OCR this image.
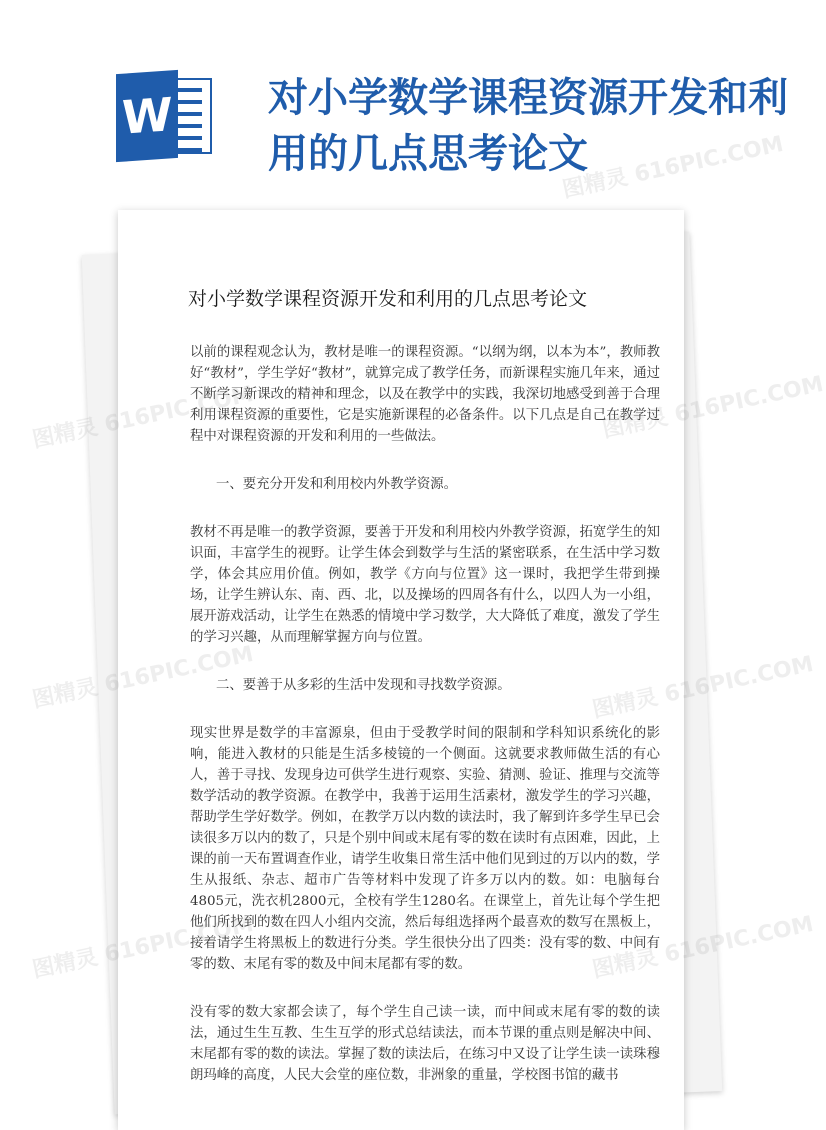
W 对小学数学课程资源开发和利用的几点思考论文
对小学数学课程资源开发和利用的几点思考论文

以前的课程观念认为，教材是唯一的课程资源。“以纲为纲，以本为本”，教师教好“教材”，学生学好“教材”，就算完成了教学任务，而新课程实施几年来，通过不断学习新课改的精神和理念，以及在教学中的实践，我深切地感受到善于合理利用课程资源的重要性，它是实施新课程的必备条件。以下几点是自己在教学过程中对课程资源的开发和利用的一些做法。

一、要充分开发和利用校内外教学资源。

教材不再是唯一的教学资源，要善于开发和利用校内外教学资源，拓宽学生的知识面，丰富学生的视野。让学生体会到数学与生活的紧密联系，在生活中学习数学，体会其应用价值。例如，教学《方向与位置》这一课时，我把学生带到操场，让学生辨认东、南、西、北，以及操场的四周各有什么，以四人为一小组，展开游戏活动，让学生在熟悉的情境中学习数学，大大降低了难度，激发了学生的学习兴趣，从而理解掌握方向与位置。

二、要善于从多彩的生活中发现和寻找数学资源。

现实世界是数学的丰富源泉，但由于受教学时间的限制和学科知识系统化的影响，能进入教材的只能是生活多棱镜的一个侧面。这就要求教师做生活的有心人，善于寻找、发现身边可供学生进行观察、实验、猜测、验证、推理与交流等数学活动的教学资源。在教学中，我善于运用生活素材，激发学生的学习兴趣，帮助学生学好数学。例如，在教学万以内数的读法时，我了解到许多学生早已会读很多万以内的数了，只是个别中间或末尾有零的数在读时有点困难，因此，上课的前一天布置调查作业，请学生收集日常生活中他们见到过的万以内的数，学生从报纸、杂志、超市广告等材料中发现了许多万以内的数。如：电脑每台4805元，洗衣机2800元，全校有学生1280名。在课堂上，首先让每个学生把他们所找到的数在四人小组内交流，然后每组选择两个最喜欢的数写在黑板上，接着请学生将黑板上的数进行分类。学生很快分出了四类：没有零的数、中间有零的数、末尾有零的数及中间末尾都有零的数。

没有零的数大家都会读了，每个学生自己读一读，而中间或末尾有零的数的读法，通过生生互教、生生互学的形式总结读法，而本节课的重点则是解决中间、末尾都有零的数的读法。掌握了数的读法后，在练习中又设了让学生读一读珠穆朗玛峰的高度，人民大会堂的座位数，非洲象的重量，学校图书馆的藏书

图精灵 616PIC.COM
图精灵	图精灵 616PIC.COM
图精灵	616PIC.COM
图精灵	616PIC.COM
